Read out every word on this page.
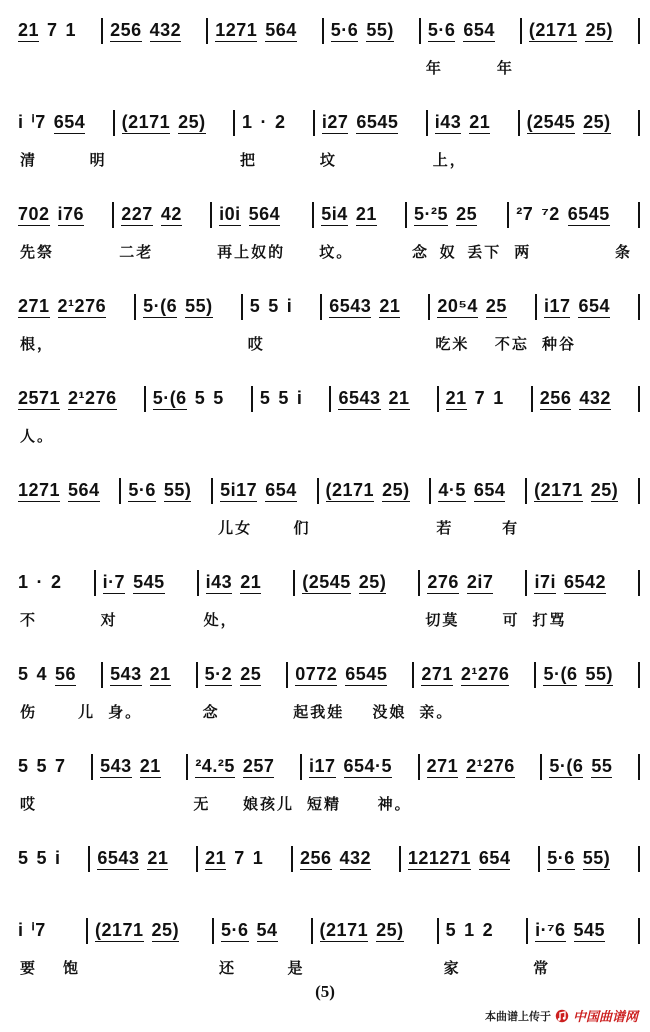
21 7 1 256 432 1271 564 5·6 55) 5·6 654
年	年
(2171 25)
i ⁱ7 654
清	明
(2171 25) 1 · 2
把
i27 6545
坟
i43 21
上，
(2545 25)
702 i76
先祭
227 42
二老
i0i 564
再上奴的
5i4 21
坟。
5·²5 25
念 奴 丢下
²7 ⁷2 6545
两	条
271 2¹276
根，
5·(6 55) 5 5 i
哎
6543 21 20⁵4 25
吃米 不忘
i17 654
种谷
2571 2¹276
人。
5·(6 5 5 5 5 i 6543 21 21 7 1 256 432
1271 564 5·6 55) 5i17 654
儿女	们
(2171 25) 4·5 654
若	有
(2171 25)
1 · 2
不
i·7 545
对
i43 21
处，
(2545 25) 276 2i7
切莫	可
i7i 6542
打骂
5 4 56
伤	儿
543 21
身。
5·2 25
念
0772 6545
起我娃 没娘
271 2¹276
亲。
5·(6 55)
5 5 7
哎
543 21 ²4.²5 257
无 娘孩儿
i17 654·5
短精 神。
271 2¹276 5·(6 55
5 5 i 6543 21 21 7 1 256 432 121271 654 5·6 55)
i ⁱ7
要 饱
(2171 25) 5·6 54
还	是
(2171 25) 5 1 2
家
i·⁷6 545
常
(5)
本曲谱上传于 中国曲谱网
